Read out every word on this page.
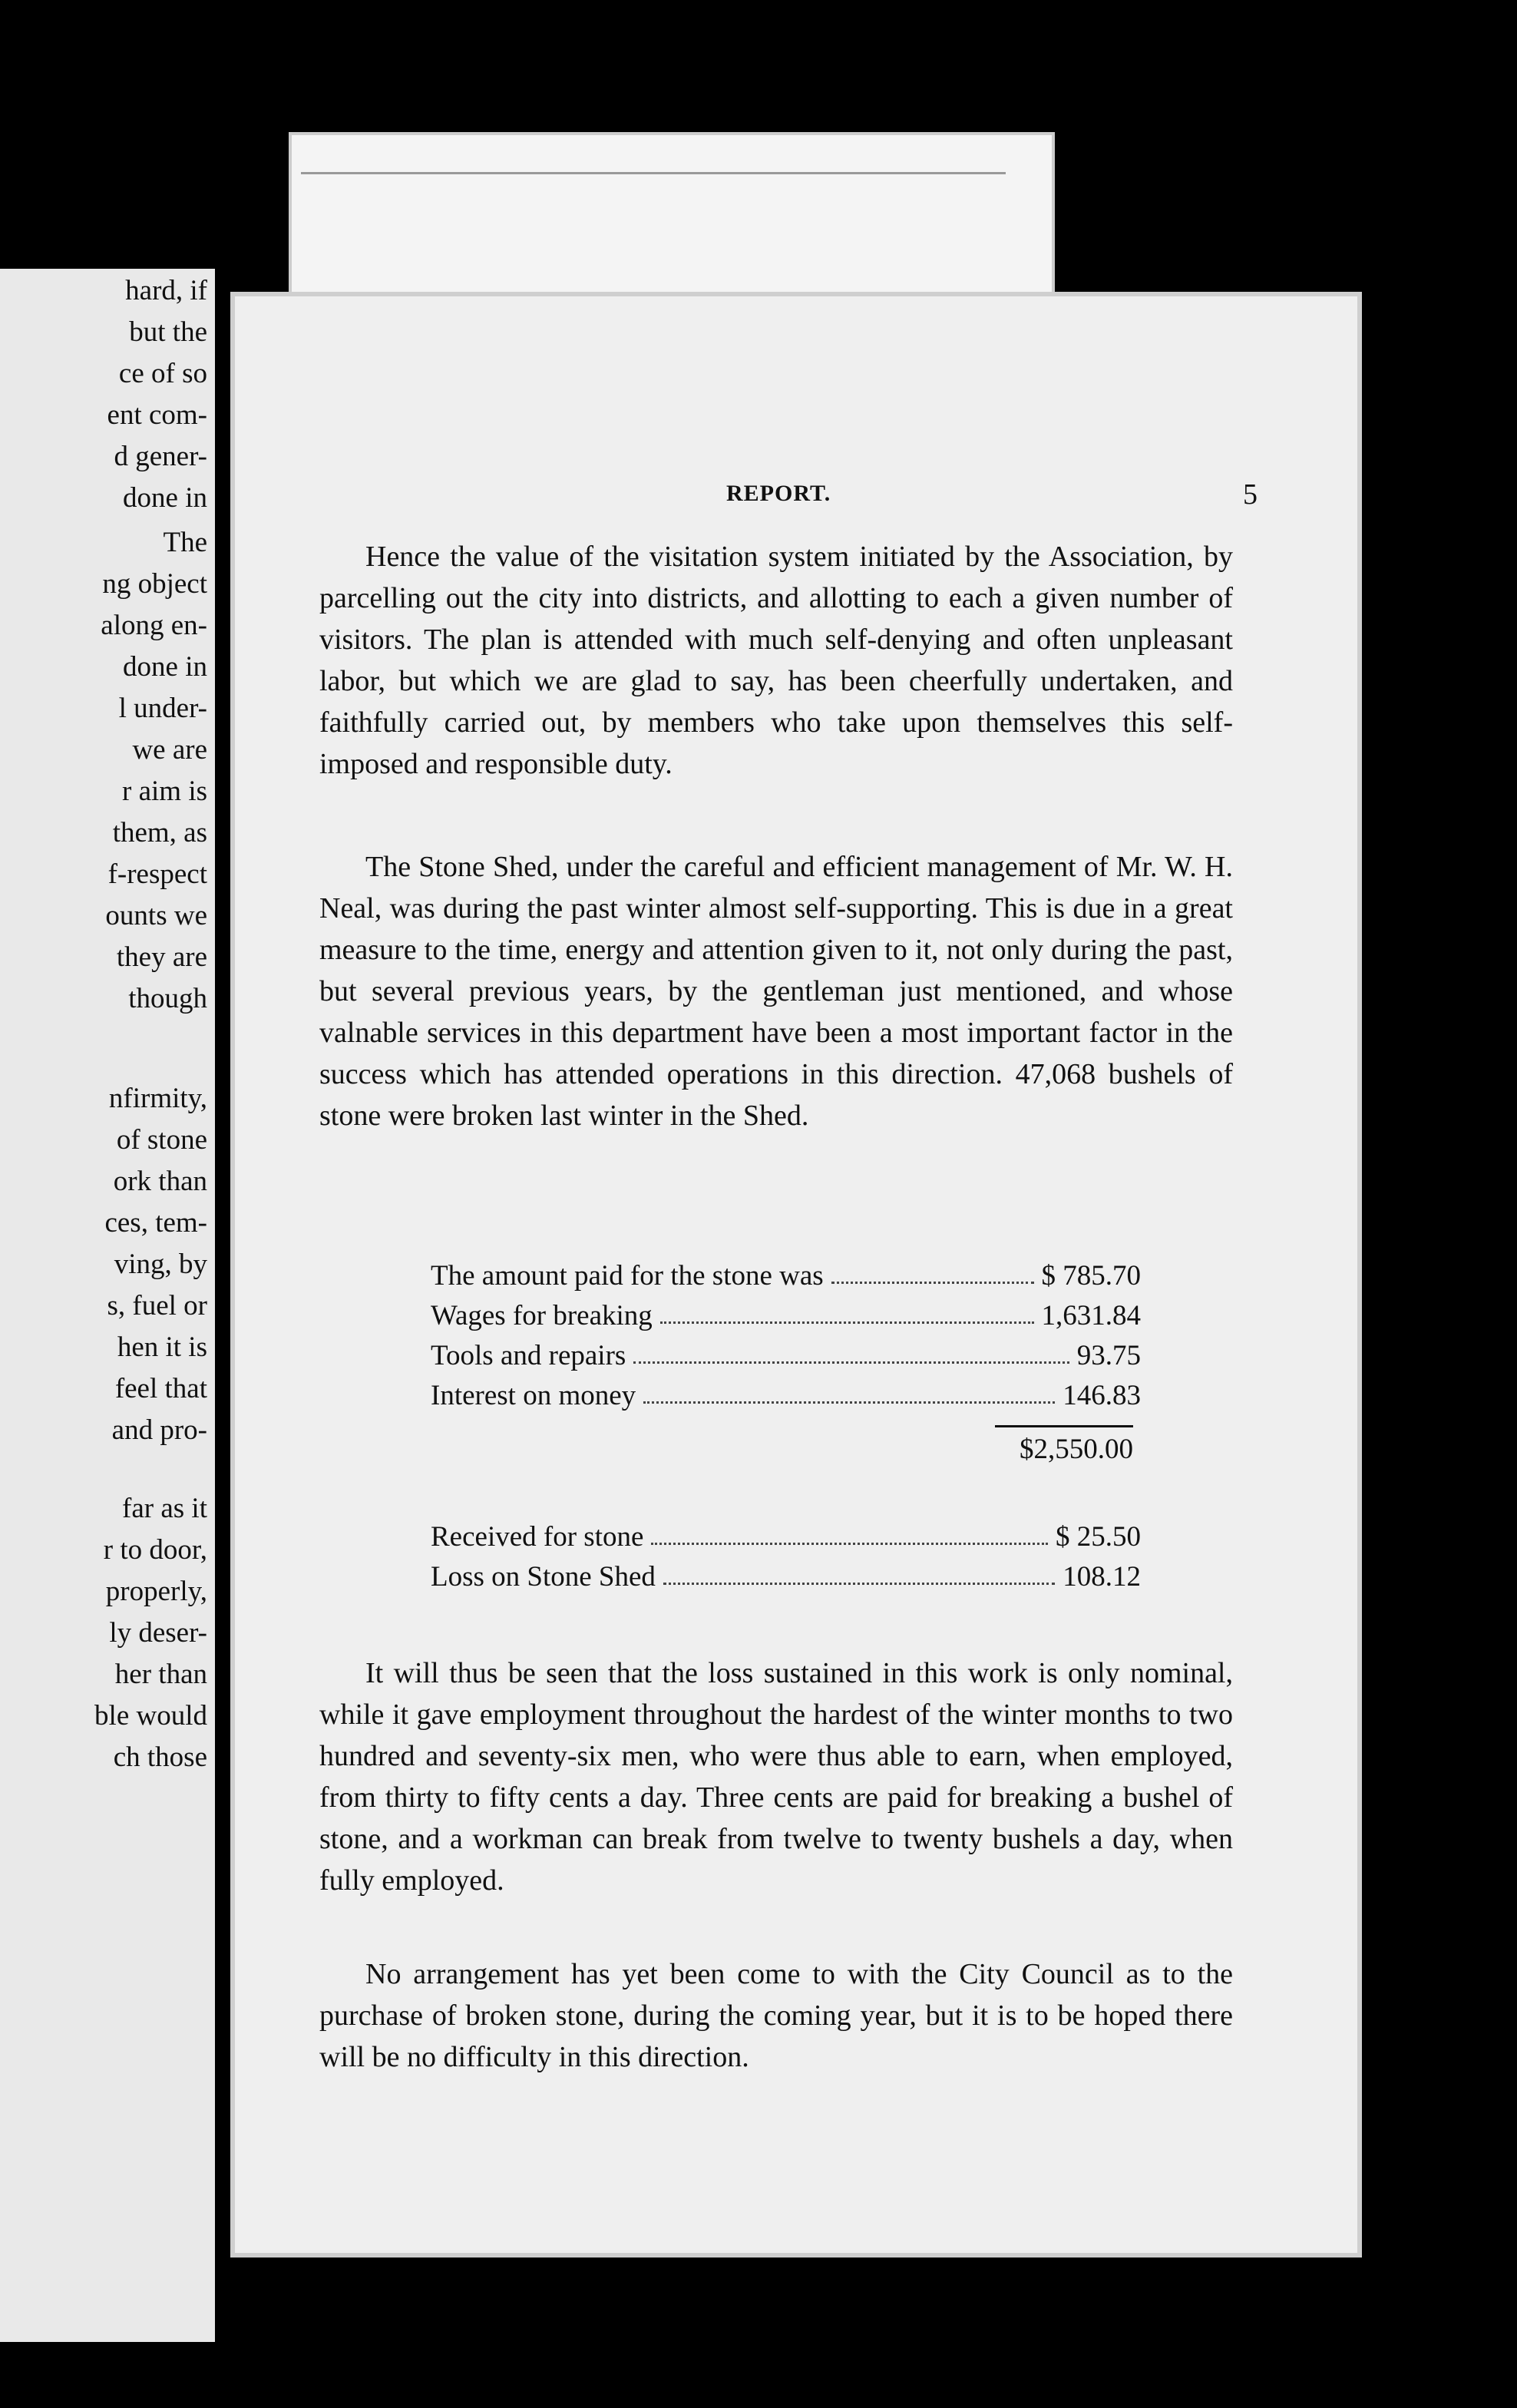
hard, if
but the
ce of so
ent com-
d gener-
done in
The
ng object
along en-
done in
l under-
we are
r aim is
them, as
f-respect
ounts we
they are
though
nfirmity,
of stone
ork than
ces, tem-
ving, by
s, fuel or
hen it is
feel that
and pro-
far as it
r to door,
properly,
ly deser-
her than
ble would
ch those
REPORT.	5

Hence the value of the visitation system initiated by the Association, by parcelling out the city into districts, and allotting to each a given number of visitors. The plan is attended with much self-denying and often unpleasant labor, but which we are glad to say, has been cheerfully undertaken, and faithfully carried out, by members who take upon themselves this self-imposed and responsible duty.

The Stone Shed, under the careful and efficient management of Mr. W. H. Neal, was during the past winter almost self-supporting. This is due in a great measure to the time, energy and attention given to it, not only during the past, but several previous years, by the gentleman just mentioned, and whose valnable services in this department have been a most important factor in the success which has attended operations in this direction. 47,068 bushels of stone were broken last winter in the Shed.

The amount paid for the stone was	$ 785.70
Wages for breaking	1,631.84
Tools and repairs	93.75
Interest on money	146.83
$2,550.00
Received for stone	$ 25.50
Loss on Stone Shed	108.12

It will thus be seen that the loss sustained in this work is only nominal, while it gave employment throughout the hardest of the winter months to two hundred and seventy-six men, who were thus able to earn, when employed, from thirty to fifty cents a day. Three cents are paid for breaking a bushel of stone, and a workman can break from twelve to twenty bushels a day, when fully employed.

No arrangement has yet been come to with the City Council as to the purchase of broken stone, during the coming year, but it is to be hoped there will be no difficulty in this direction.
